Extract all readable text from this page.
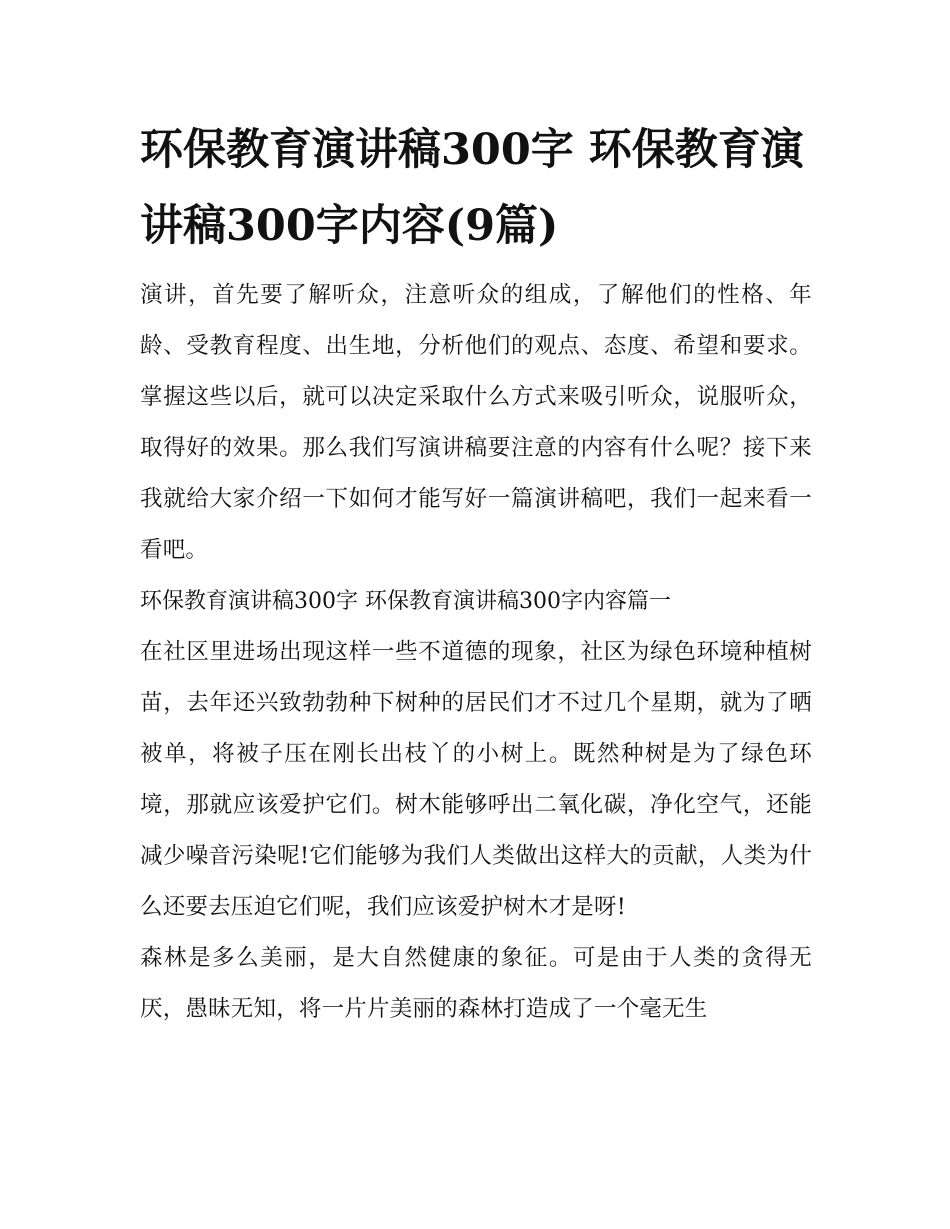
环保教育演讲稿300字 环保教育演讲稿300字内容(9篇)

演讲，首先要了解听众，注意听众的组成，了解他们的性格、年龄、受教育程度、出生地，分析他们的观点、态度、希望和要求。掌握这些以后，就可以决定采取什么方式来吸引听众，说服听众，取得好的效果。那么我们写演讲稿要注意的内容有什么呢？接下来我就给大家介绍一下如何才能写好一篇演讲稿吧，我们一起来看一看吧。

环保教育演讲稿300字 环保教育演讲稿300字内容篇一

在社区里进场出现这样一些不道德的现象，社区为绿色环境种植树苗，去年还兴致勃勃种下树种的居民们才不过几个星期，就为了晒被单，将被子压在刚长出枝丫的小树上。既然种树是为了绿色环境，那就应该爱护它们。树木能够呼出二氧化碳，净化空气，还能减少噪音污染呢!它们能够为我们人类做出这样大的贡献，人类为什么还要去压迫它们呢，我们应该爱护树木才是呀!

森林是多么美丽，是大自然健康的象征。可是由于人类的贪得无厌，愚昧无知，将一片片美丽的森林打造成了一个毫无生
